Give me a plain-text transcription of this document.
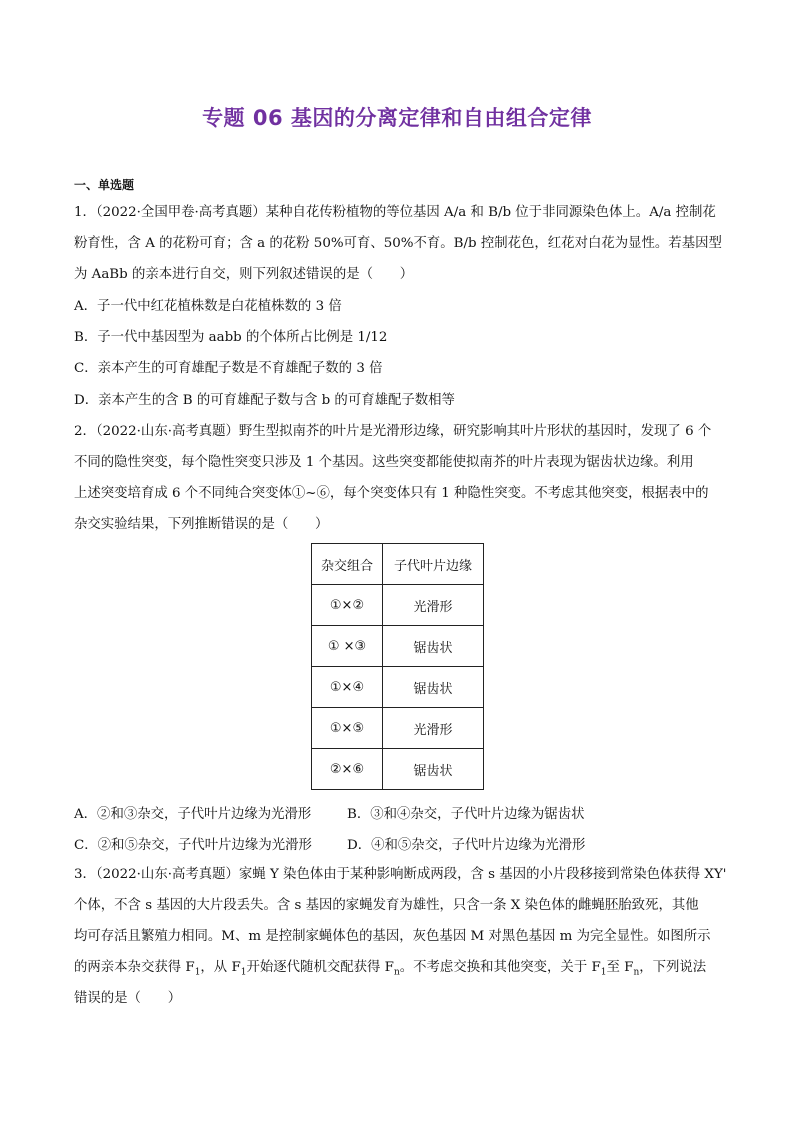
专题 06 基因的分离定律和自由组合定律
一、单选题
1．（2022·全国甲卷·高考真题）某种自花传粉植物的等位基因 A/a 和 B/b 位于非同源染色体上。A/a 控制花
粉育性，含 A 的花粉可育；含 a 的花粉 50%可育、50%不育。B/b 控制花色，红花对白花为显性。若基因型
为 AaBb 的亲本进行自交，则下列叙述错误的是（　　）
A．子一代中红花植株数是白花植株数的 3 倍
B．子一代中基因型为 aabb 的个体所占比例是 1/12
C．亲本产生的可育雄配子数是不育雄配子数的 3 倍
D．亲本产生的含 B 的可育雄配子数与含 b 的可育雄配子数相等
2．（2022·山东·高考真题）野生型拟南芥的叶片是光滑形边缘，研究影响其叶片形状的基因时，发现了 6 个
不同的隐性突变，每个隐性突变只涉及 1 个基因。这些突变都能使拟南芥的叶片表现为锯齿状边缘。利用
上述突变培育成 6 个不同纯合突变体①~⑥，每个突变体只有 1 种隐性突变。不考虑其他突变，根据表中的
杂交实验结果，下列推断错误的是（　　）
杂交组合	子代叶片边缘
①×②	光滑形
① ×③	锯齿状
①×④	锯齿状
①×⑤	光滑形
②×⑥	锯齿状
A．②和③杂交，子代叶片边缘为光滑形	B．③和④杂交，子代叶片边缘为锯齿状
C．②和⑤杂交，子代叶片边缘为光滑形	D．④和⑤杂交，子代叶片边缘为光滑形
3．（2022·山东·高考真题）家蝇 Y 染色体由于某种影响断成两段，含 s 基因的小片段移接到常染色体获得 XY'
个体，不含 s 基因的大片段丢失。含 s 基因的家蝇发育为雄性，只含一条 X 染色体的雌蝇胚胎致死，其他
均可存活且繁殖力相同。M、m 是控制家蝇体色的基因，灰色基因 M 对黑色基因 m 为完全显性。如图所示
的两亲本杂交获得 $F_1$，从 $F_1$开始逐代随机交配获得 $F_n$。不考虑交换和其他突变，关于 $F_1$至 $F_n$，下列说法
错误的是（　　）
